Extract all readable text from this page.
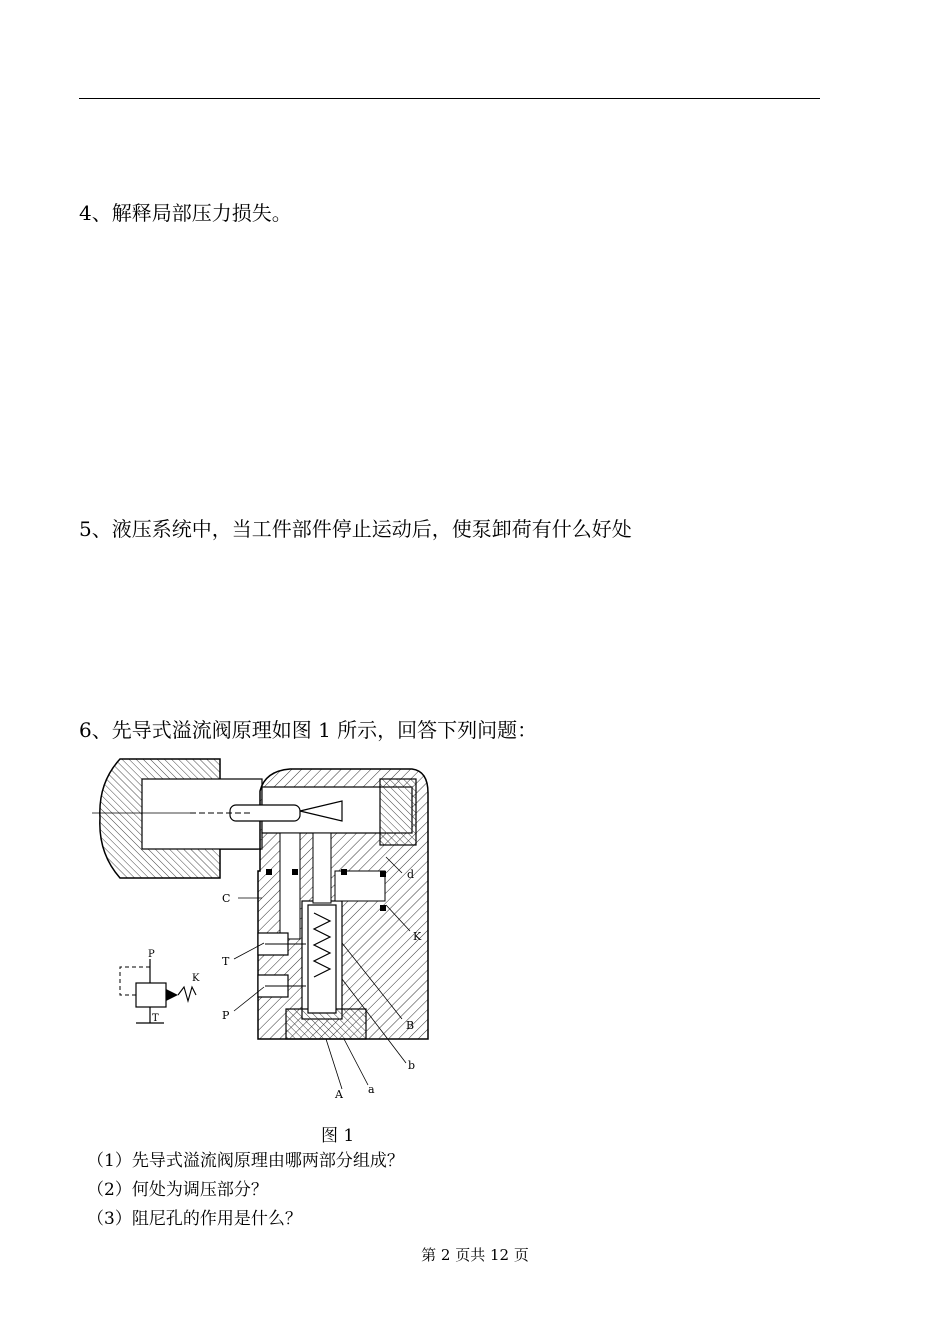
4、解释局部压力损失。
5、液压系统中，当工件部件停止运动后，使泵卸荷有什么好处
6、先导式溢流阀原理如图 1 所示，回答下列问题：
C
T
P
d
K
B
b
A a
P
K
T
图 1
（1）先导式溢流阀原理由哪两部分组成？
（2）何处为调压部分？
（3）阻尼孔的作用是什么？
第 2 页共 12 页
